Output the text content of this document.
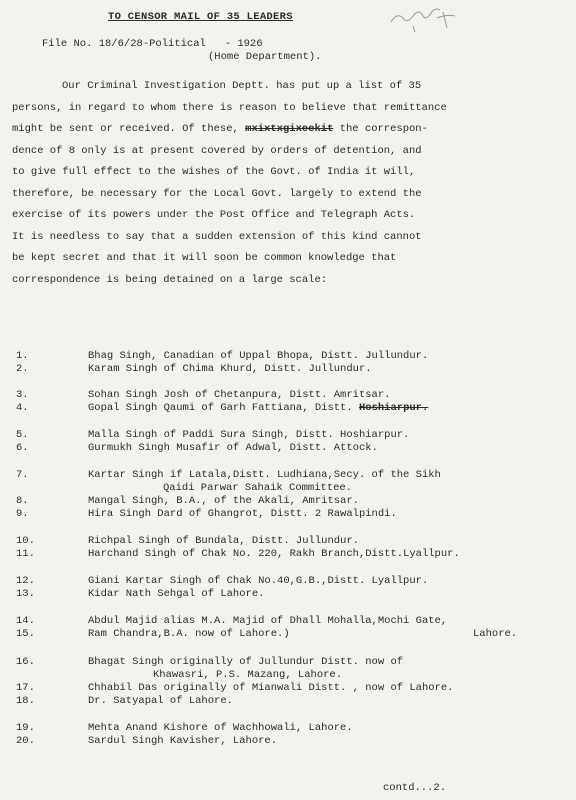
TO CENSOR MAIL OF 35 LEADERS
File No. 18/6/28-Political   - 1926
(Home Department).
Our Criminal Investigation Deptt. has put up a list of 35
persons, in regard to whom there is reason to believe that remittance
might be sent or received. Of these, mxixtxgixeekit the correspon-
dence of 8 only is at present covered by orders of detention, and
to give full effect to the wishes of the Govt. of India it will,
therefore, be necessary for the Local Govt. largely to extend the
exercise of its powers under the Post Office and Telegraph Acts.
It is needless to say that a sudden extension of this kind cannot
be kept secret and that it will soon be common knowledge that
correspondence is being detained on a large scale:
1.	Bhag Singh, Canadian of Uppal Bhopa, Distt. Jullundur.
2.	Karam Singh of Chima Khurd, Distt. Jullundur.
3.	Sohan Singh Josh of Chetanpura, Distt. Amritsar.
4.	Gopal Singh Qaumi of Garh Fattiana, Distt. Hoshiarpur.
5.	Malla Singh of Paddi Sura Singh, Distt. Hoshiarpur.
6.	Gurmukh Singh Musafir of Adwal, Distt. Attock.
7.	Kartar Singh if Latala,Distt. Ludhiana,Secy. of the Sikh
Qaidi Parwar Sahaik Committee.
8.	Mangal Singh, B.A., of the Akali, Amritsar.
9.	Hira Singh Dard of Ghangrot, Distt. 2 Rawalpindi.
10.	Richpal Singh of Bundala, Distt. Jullundur.
11.	Harchand Singh of Chak No. 220, Rakh Branch,Distt.Lyallpur.
12.	Giani Kartar Singh of Chak No.40,G.B.,Distt. Lyallpur.
13.	Kidar Nath Sehgal of Lahore.
14.	Abdul Majid alias M.A. Majid of Dhall Mohalla,Mochi Gate,
15.	Ram Chandra,B.A. now of Lahore.)	Lahore.
16.	Bhagat Singh originally of Jullundur Distt. now of
Khawasri, P.S. Mazang, Lahore.
17.	Chhabil Das originally of Mianwali Distt. , now of Lahore.
18.	Dr. Satyapal of Lahore.
19.	Mehta Anand Kishore of Wachhowali, Lahore.
20.	Sardul Singh Kavisher, Lahore.
contd...2.
